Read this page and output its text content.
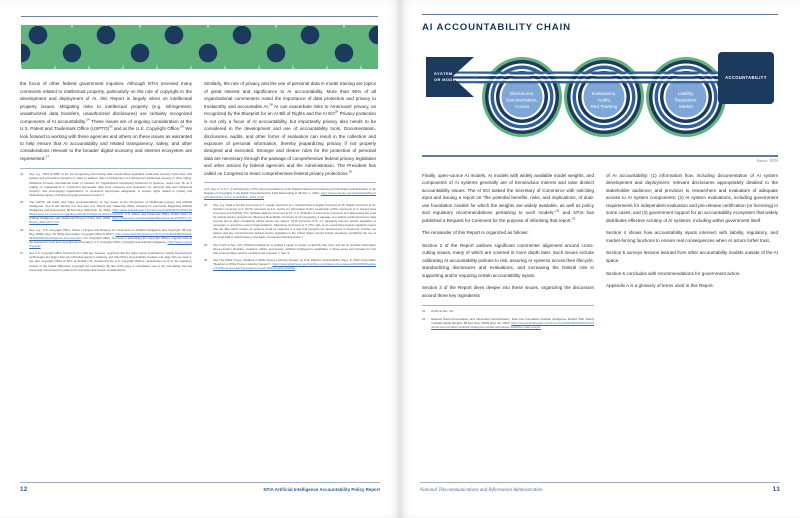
the focus of other federal government inquiries. Although NTIA received many comments related to intellectual property, particularly on the role of copyright in the development and deployment of AI, this Report is largely silent on intellectual property issues. Mitigating risks to intellectual property (e.g. infringement, unauthorized data transfers, unauthorized disclosures) are certainly recognized components of AI accountability.$^{24}$ These issues are of ongoing consideration at the U.S. Patent and Trademark Office (USPTO)$^{25}$ and at the U.S. Copyright Office.$^{26}$ We look forward to working with these agencies and others on these issues as warranted to help ensure that AI accountability and related transparency, safety, and other considerations relevant to the broader digital economy and Internet ecosystem are represented.$^{27}$

24	See, e.g., NIST AI RMF at 14, 24 (recognizing that training data should follow applicable intellectual property rights laws, that policies and procedures should be in place to address risks of infringement of a third-party's intellectual property or other rights); Workforce Process International Code of Conduct for Organizations Developing Advanced AI Systems, supra note 18, at 8 (calling on organizations to "implement appropriate data input measures and protections for personal data and intellectual property" and encouraging organizations "to implement appropriate safeguards, to respect rights related to privacy and intellectual property, including copyright-protected content.").
25	The USPTO will clarify and make recommendations on key issues at the intersection of intellectual property and artificial intelligence. See AI EO Section 5.2. See also U.S. Patent and Trademark Office, Request for Comments Regarding Artificial Intelligence and Inventorship, 88 Fed. Reg. 9492 (Feb. 14, 2023), https://www.federalregister.gov/documents/2023/02/14/2023-03066/request-for-comments-regarding-artificial-intelligence-and-inventorship; U.S. Patent and Trademark Office, Public Views on Artificial Intelligence and Intellectual Property Policy (Oct. 2020), https://www.uspto.gov/sites/default/files/documents/USPTO_AI-Report_2020-10-07.pdf
26	See, e.g., U.S. Copyright Office, Notice of Inquiry and Request for Comments on Artificial Intelligence and Copyright, 88 Fed. Reg. 59942 (Aug. 30, 2023) (hereinafter "Copyright Office AI RFC"), https://www.federalregister.gov/documents/2023/08/30/2023-18624/artificial-intelligence-and-copyright; U.S. Copyright Office, Comment 2 (describing the Copyright Office's ongoing work at the intersection of AI and copyright law and policy); U.S. Copyright Office, Copyright and Artificial Intelligence, https://www.copyright.gov/ai/
27	See U.S. Copyright Office Comment at 2 ("We are, however, cognizant that the policy issues implicated by rapidly developing AI technologies are bigger than any individual agency's authority, and that NTIA's accountability inquiries may align with our work."); see also Copyright Office AI RFC at 59,944 n.11 (mentioning the U.S. Copyright Office's consideration of AI in the regulatory context of the Digital Millennium Copyright Act rulemaking. By law, NTIA plays a consultation role in the rulemaking and has previously commented on petitions for exemption that involve considerations.

Similarly, the role of privacy and the use of personal data in model training are topics of great interest and significance to AI accountability. More than 90% of all organizational commenters noted the importance of data protection and privacy to trustworthy and accountable AI.$^{28}$ AI can exacerbate risks to Americans' privacy, as recognized by the Blueprint for an AI Bill of Rights and the AI EO$^{29}$ Privacy protection is not only a focus of AI accountability, but importantly privacy also needs to be considered in the development and use of accountability tools. Documentation, disclosures, audits, and other forms of evaluation can result in the collection and exposure of personal information, thereby jeopardizing privacy if not properly designed and executed. Stronger and clearer rules for the protection of personal data are necessary through the passage of comprehensive federal privacy legislation and other actions by federal agencies and the Administration. The President has called on Congress to enact comprehensive federal privacy protections.$^{30}$

of AI. See 17 U.S.C. § 1201(a)(1)(C); NTIA, Recommendations of the National Telecommunications and Information Administration to the Register of Copyrights in the Eighth Triennial Section 1201 Rulemaking at 48 (Oct. 1, 2021), https://www.ntia.doc.gov/sites/default/files/publications/ntia_dmca_consultation_2021_0.pdf
28	See, e.g., Data & Society Comment at 7; Google Comment at 1; Global Partners Digital Comment at 15; Hitachi Comment at 10; TechNet Comment at 4; NCTA Comment at 4-5; Centre for Information Policy Leadership (CIPL) Comment at 1; Access Now Comment at 3-5 (RSA); The Software Alliance Comment at 12; U.S. Chamber of Commerce Comment at 9 (discussing the need for federal privacy protections); Business Roundtable Comment at 10 (supporting a passage of a federal privacy/consumer data security law to align compliance efforts across the nation); CTIA Comment at 5, 4-7 (declaring that the privacy legislation is necessary to avoid the current fragmentation); Salesforce Comment at 6 ("The lack of an overarching federal standard means that the data which powers AI systems could be collected in a way that prevents the development of trusted AI. Further, we believe that any comprehensive federal privacy legislation in the United States should include provisions prohibiting the use of personal data to discriminate on the basis of protected characteristics.").
29	See AI EO at Sec. 2(f) ("Artificial Intelligence is making it easier to extract, re-identify, link, infer, and act on sensitive information about people's identities, locations, habits, and desires. Artificial Intelligence's capabilities in these areas can increase the risk that personal data could be exploited and exposed."); Sec. 9.
30	See The White House, Readout of White House Listening Session on Tech Platform Accountability (Sept. 8, 2022) (hereinafter "Readout of White House Listening Session"), https://www.whitehouse.gov/briefing-room/statements-releases/2022/09/08/readout-of-white-house-listening-session-on-tech-platform-accountability
12	NTIA Artificial Intelligence Accountability Policy Report
AI ACCOUNTABILITY CHAIN
SYSTEM
OR MODEL
Disclosures,
Documentation,
Access
Evaluations,
Audits,
Red Teaming
Liability,
Regulation,
Market
ACCOUNTABILITY
Source: NTIA

Finally, open-source AI models, AI models with widely available model weights, and components of AI systems generally are of tremendous interest and raise distinct accountability issues. The AI EO tasked the Secretary of Commerce with soliciting input and issuing a report on "the potential benefits, risks, and implications, of dual-use foundation models for which the weights are widely available, as well as policy and regulatory recommendations pertaining to such models,"$^{31}$ and NTIA has published a Request for Comment for the purpose of informing that report.$^{32}$

The remainder of this Report is organized as follows:

Section 2 of the Report outlines significant commenter alignment around cross-cutting issues, many of which are covered in more depth later. Such issues include calibrating AI accountability policies to risk, assuring AI systems across their lifecycle, standardizing disclosures and evaluations, and increasing the federal role in supporting and/or requiring certain accountability inputs.

Section 3 of the Report dives deeper into these issues, organizing the discussion around three key ingredients

31	AI EO at Sec. 4.6.
32	National Telecommunications and Information Administration, Dual Use Foundation Artificial Intelligence Models With Widely Available Model Weights, 88 Fed. Reg. 14059 (Feb. 26, 2024), https://www.federalregister.gov/documents/2024/02/26/2024-03763/dual-use-foundation-artificial-intelligence-models-with-widely-available-model-weights

of AI accountability: (1) information flow, including documentation of AI system development and deployment; relevant disclosures appropriately detailed to the stakeholder audience; and provision to researchers and evaluators of adequate access to AI system components; (2) AI system evaluations, including government requirements for independent evaluation and pre-release certification (or licensing) in some cases; and (3) government support for an accountability ecosystem that widely distributes effective scrutiny of AI systems, including within government itself.

Section 4 shows how accountability inputs intersect with liability, regulatory, and market-forcing functions to ensure real consequences when AI actors forfeit trust.

Section 5 surveys lessons learned from other accountability models outside of the AI space.

Section 6 concludes with recommendations for government action.

Appendix A is a glossary of terms used in this Report.

National Telecommunications and Information Administration	13
